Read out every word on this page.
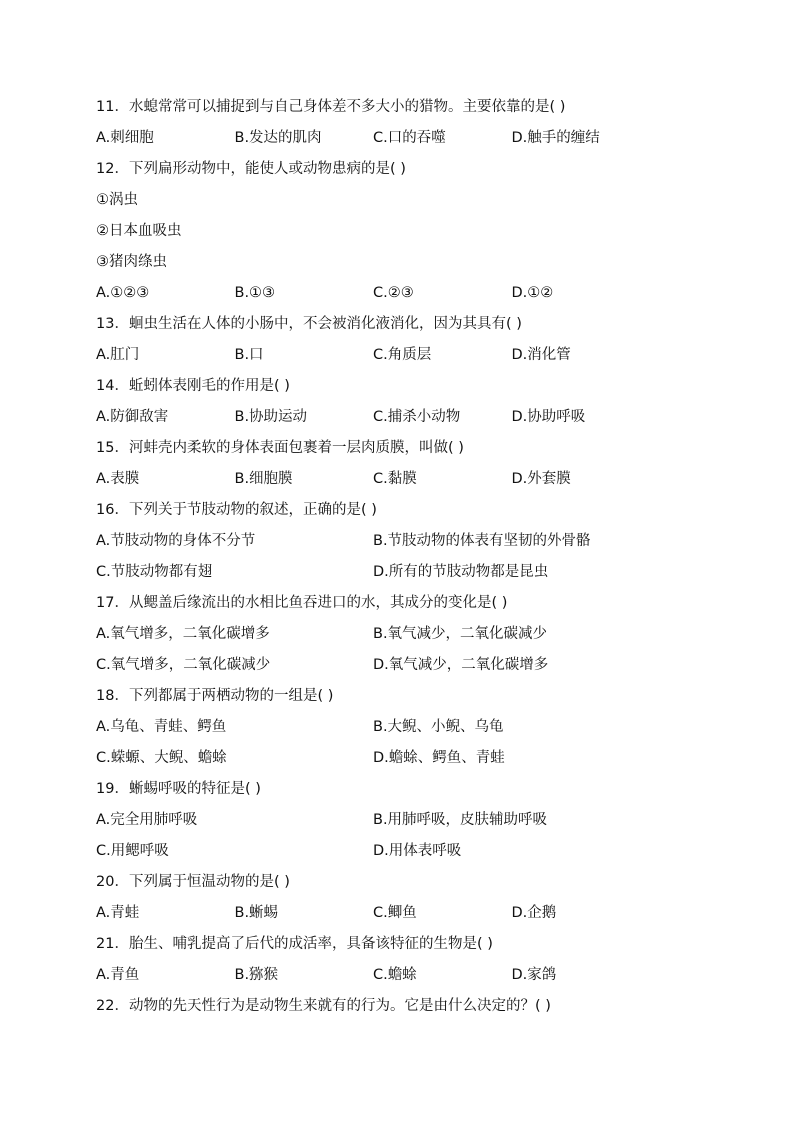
11．水螅常常可以捕捉到与自己身体差不多大小的猎物。主要依靠的是( )
A.刺细胞	B.发达的肌肉	C.口的吞噬	D.触手的缠结
12．下列扁形动物中，能使人或动物患病的是( )
①涡虫
②日本血吸虫
③猪肉绦虫
A.①②③	B.①③	C.②③	D.①②
13．蛔虫生活在人体的小肠中，不会被消化液消化，因为其具有( )
A.肛门	B.口	C.角质层	D.消化管
14．蚯蚓体表刚毛的作用是( )
A.防御敌害	B.协助运动	C.捕杀小动物	D.协助呼吸
15．河蚌壳内柔软的身体表面包裹着一层肉质膜，叫做( )
A.表膜	B.细胞膜	C.黏膜	D.外套膜
16．下列关于节肢动物的叙述，正确的是( )
A.节肢动物的身体不分节	B.节肢动物的体表有坚韧的外骨骼
C.节肢动物都有翅	D.所有的节肢动物都是昆虫
17．从鳃盖后缘流出的水相比鱼吞进口的水，其成分的变化是( )
A.氧气增多，二氧化碳增多	B.氧气减少，二氧化碳减少
C.氧气增多，二氧化碳减少	D.氧气减少，二氧化碳增多
18．下列都属于两栖动物的一组是( )
A.乌龟、青蛙、鳄鱼	B.大鲵、小鲵、乌龟
C.蝾螈、大鲵、蟾蜍	D.蟾蜍、鳄鱼、青蛙
19．蜥蜴呼吸的特征是( )
A.完全用肺呼吸	B.用肺呼吸，皮肤辅助呼吸
C.用鳃呼吸	D.用体表呼吸
20．下列属于恒温动物的是( )
A.青蛙	B.蜥蜴	C.鲫鱼	D.企鹅
21．胎生、哺乳提高了后代的成活率，具备该特征的生物是( )
A.青鱼	B.猕猴	C.蟾蜍	D.家鸽
22．动物的先天性行为是动物生来就有的行为。它是由什么决定的？( )
